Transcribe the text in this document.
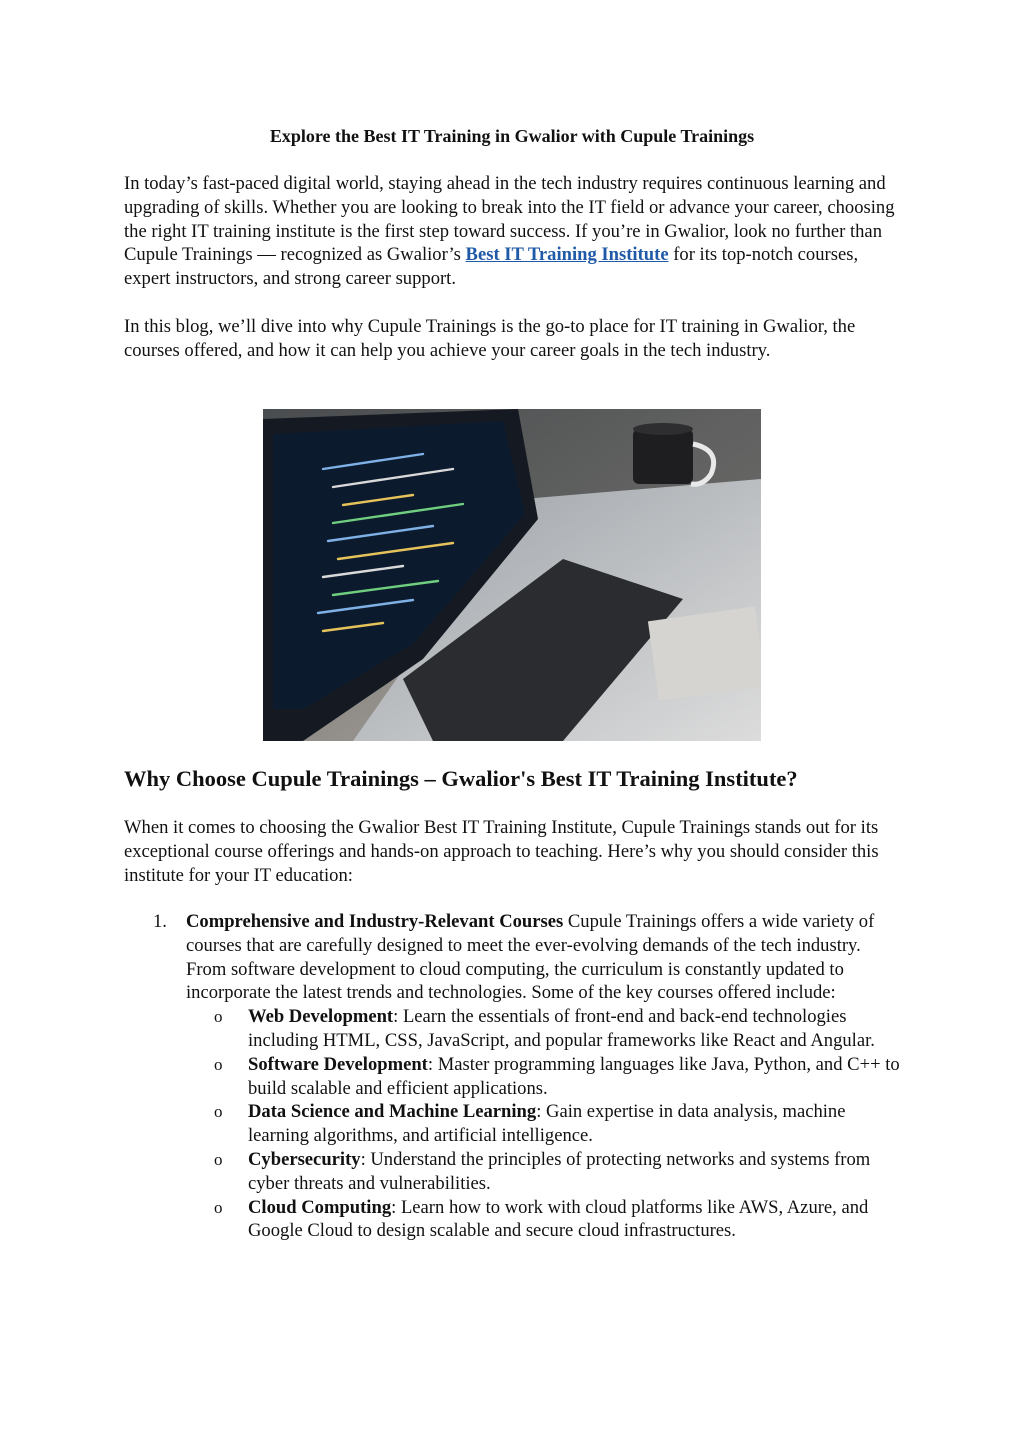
Explore the Best IT Training in Gwalior with Cupule Trainings

In today’s fast-paced digital world, staying ahead in the tech industry requires continuous learning and upgrading of skills. Whether you are looking to break into the IT field or advance your career, choosing the right IT training institute is the first step toward success. If you’re in Gwalior, look no further than Cupule Trainings — recognized as Gwalior’s Best IT Training Institute for its top-notch courses, expert instructors, and strong career support.

In this blog, we’ll dive into why Cupule Trainings is the go-to place for IT training in Gwalior, the courses offered, and how it can help you achieve your career goals in the tech industry.

Why Choose Cupule Trainings – Gwalior's Best IT Training Institute?

When it comes to choosing the Gwalior Best IT Training Institute, Cupule Trainings stands out for its exceptional course offerings and hands-on approach to teaching. Here’s why you should consider this institute for your IT education:

1. Comprehensive and Industry-Relevant Courses Cupule Trainings offers a wide variety of courses that are carefully designed to meet the ever-evolving demands of the tech industry. From software development to cloud computing, the curriculum is constantly updated to incorporate the latest trends and technologies. Some of the key courses offered include:
o Web Development: Learn the essentials of front-end and back-end technologies including HTML, CSS, JavaScript, and popular frameworks like React and Angular.
o Software Development: Master programming languages like Java, Python, and C++ to build scalable and efficient applications.
o Data Science and Machine Learning: Gain expertise in data analysis, machine learning algorithms, and artificial intelligence.
o Cybersecurity: Understand the principles of protecting networks and systems from cyber threats and vulnerabilities.
o Cloud Computing: Learn how to work with cloud platforms like AWS, Azure, and Google Cloud to design scalable and secure cloud infrastructures.
